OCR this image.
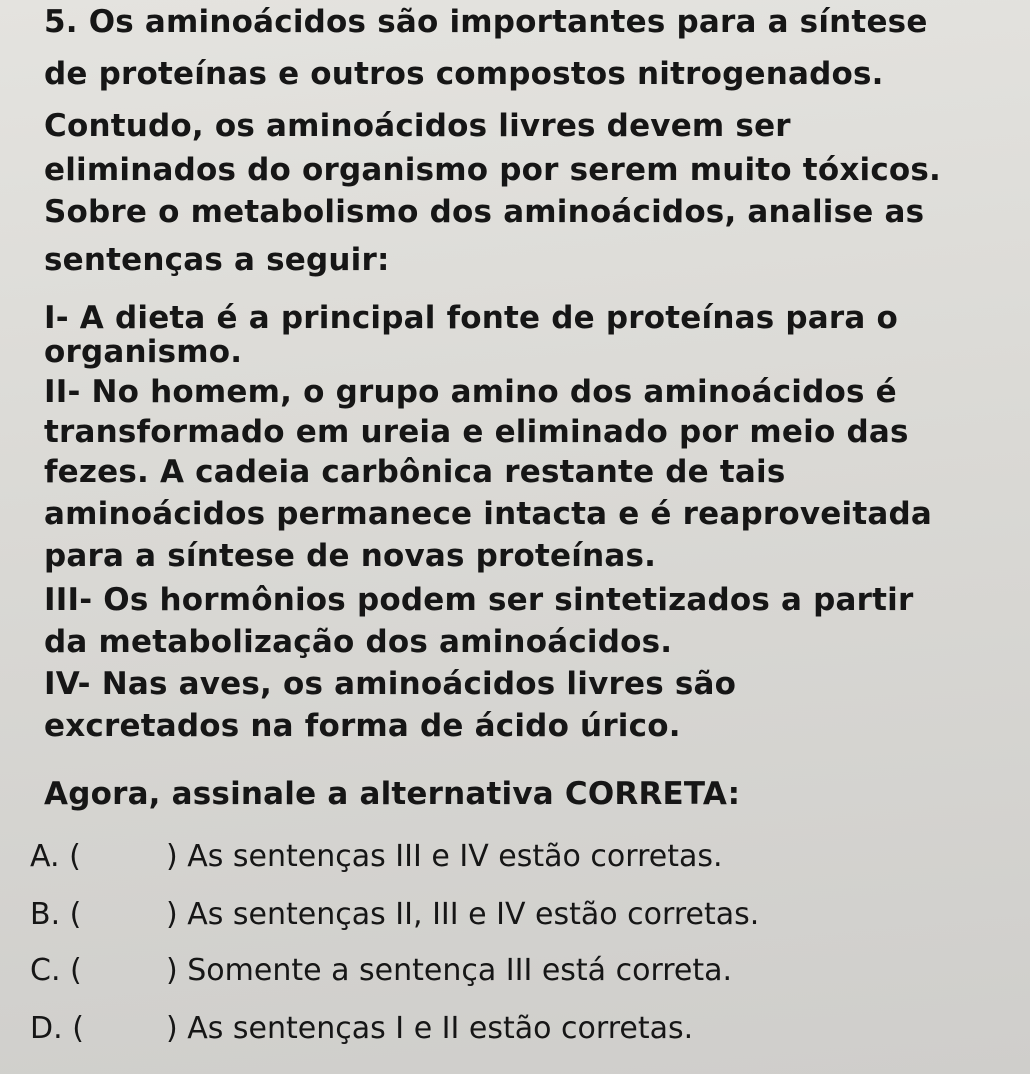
5. Os aminoácidos são importantes para a síntese
de proteínas e outros compostos nitrogenados.
Contudo, os aminoácidos livres devem ser
eliminados do organismo por serem muito tóxicos.
Sobre o metabolismo dos aminoácidos, analise as
sentenças a seguir:
I- A dieta é a principal fonte de proteínas para o
organismo.
II- No homem, o grupo amino dos aminoácidos é
transformado em ureia e eliminado por meio das
fezes. A cadeia carbônica restante de tais
aminoácidos permanece intacta e é reaproveitada
para a síntese de novas proteínas.
III- Os hormônios podem ser sintetizados a partir
da metabolização dos aminoácidos.
IV- Nas aves, os aminoácidos livres são
excretados na forma de ácido úrico.
Agora, assinale a alternativa CORRETA:
A. (	) As sentenças III e IV estão corretas.
B. (	) As sentenças II, III e IV estão corretas.
C. (	) Somente a sentença III está correta.
D. (	) As sentenças I e II estão corretas.
